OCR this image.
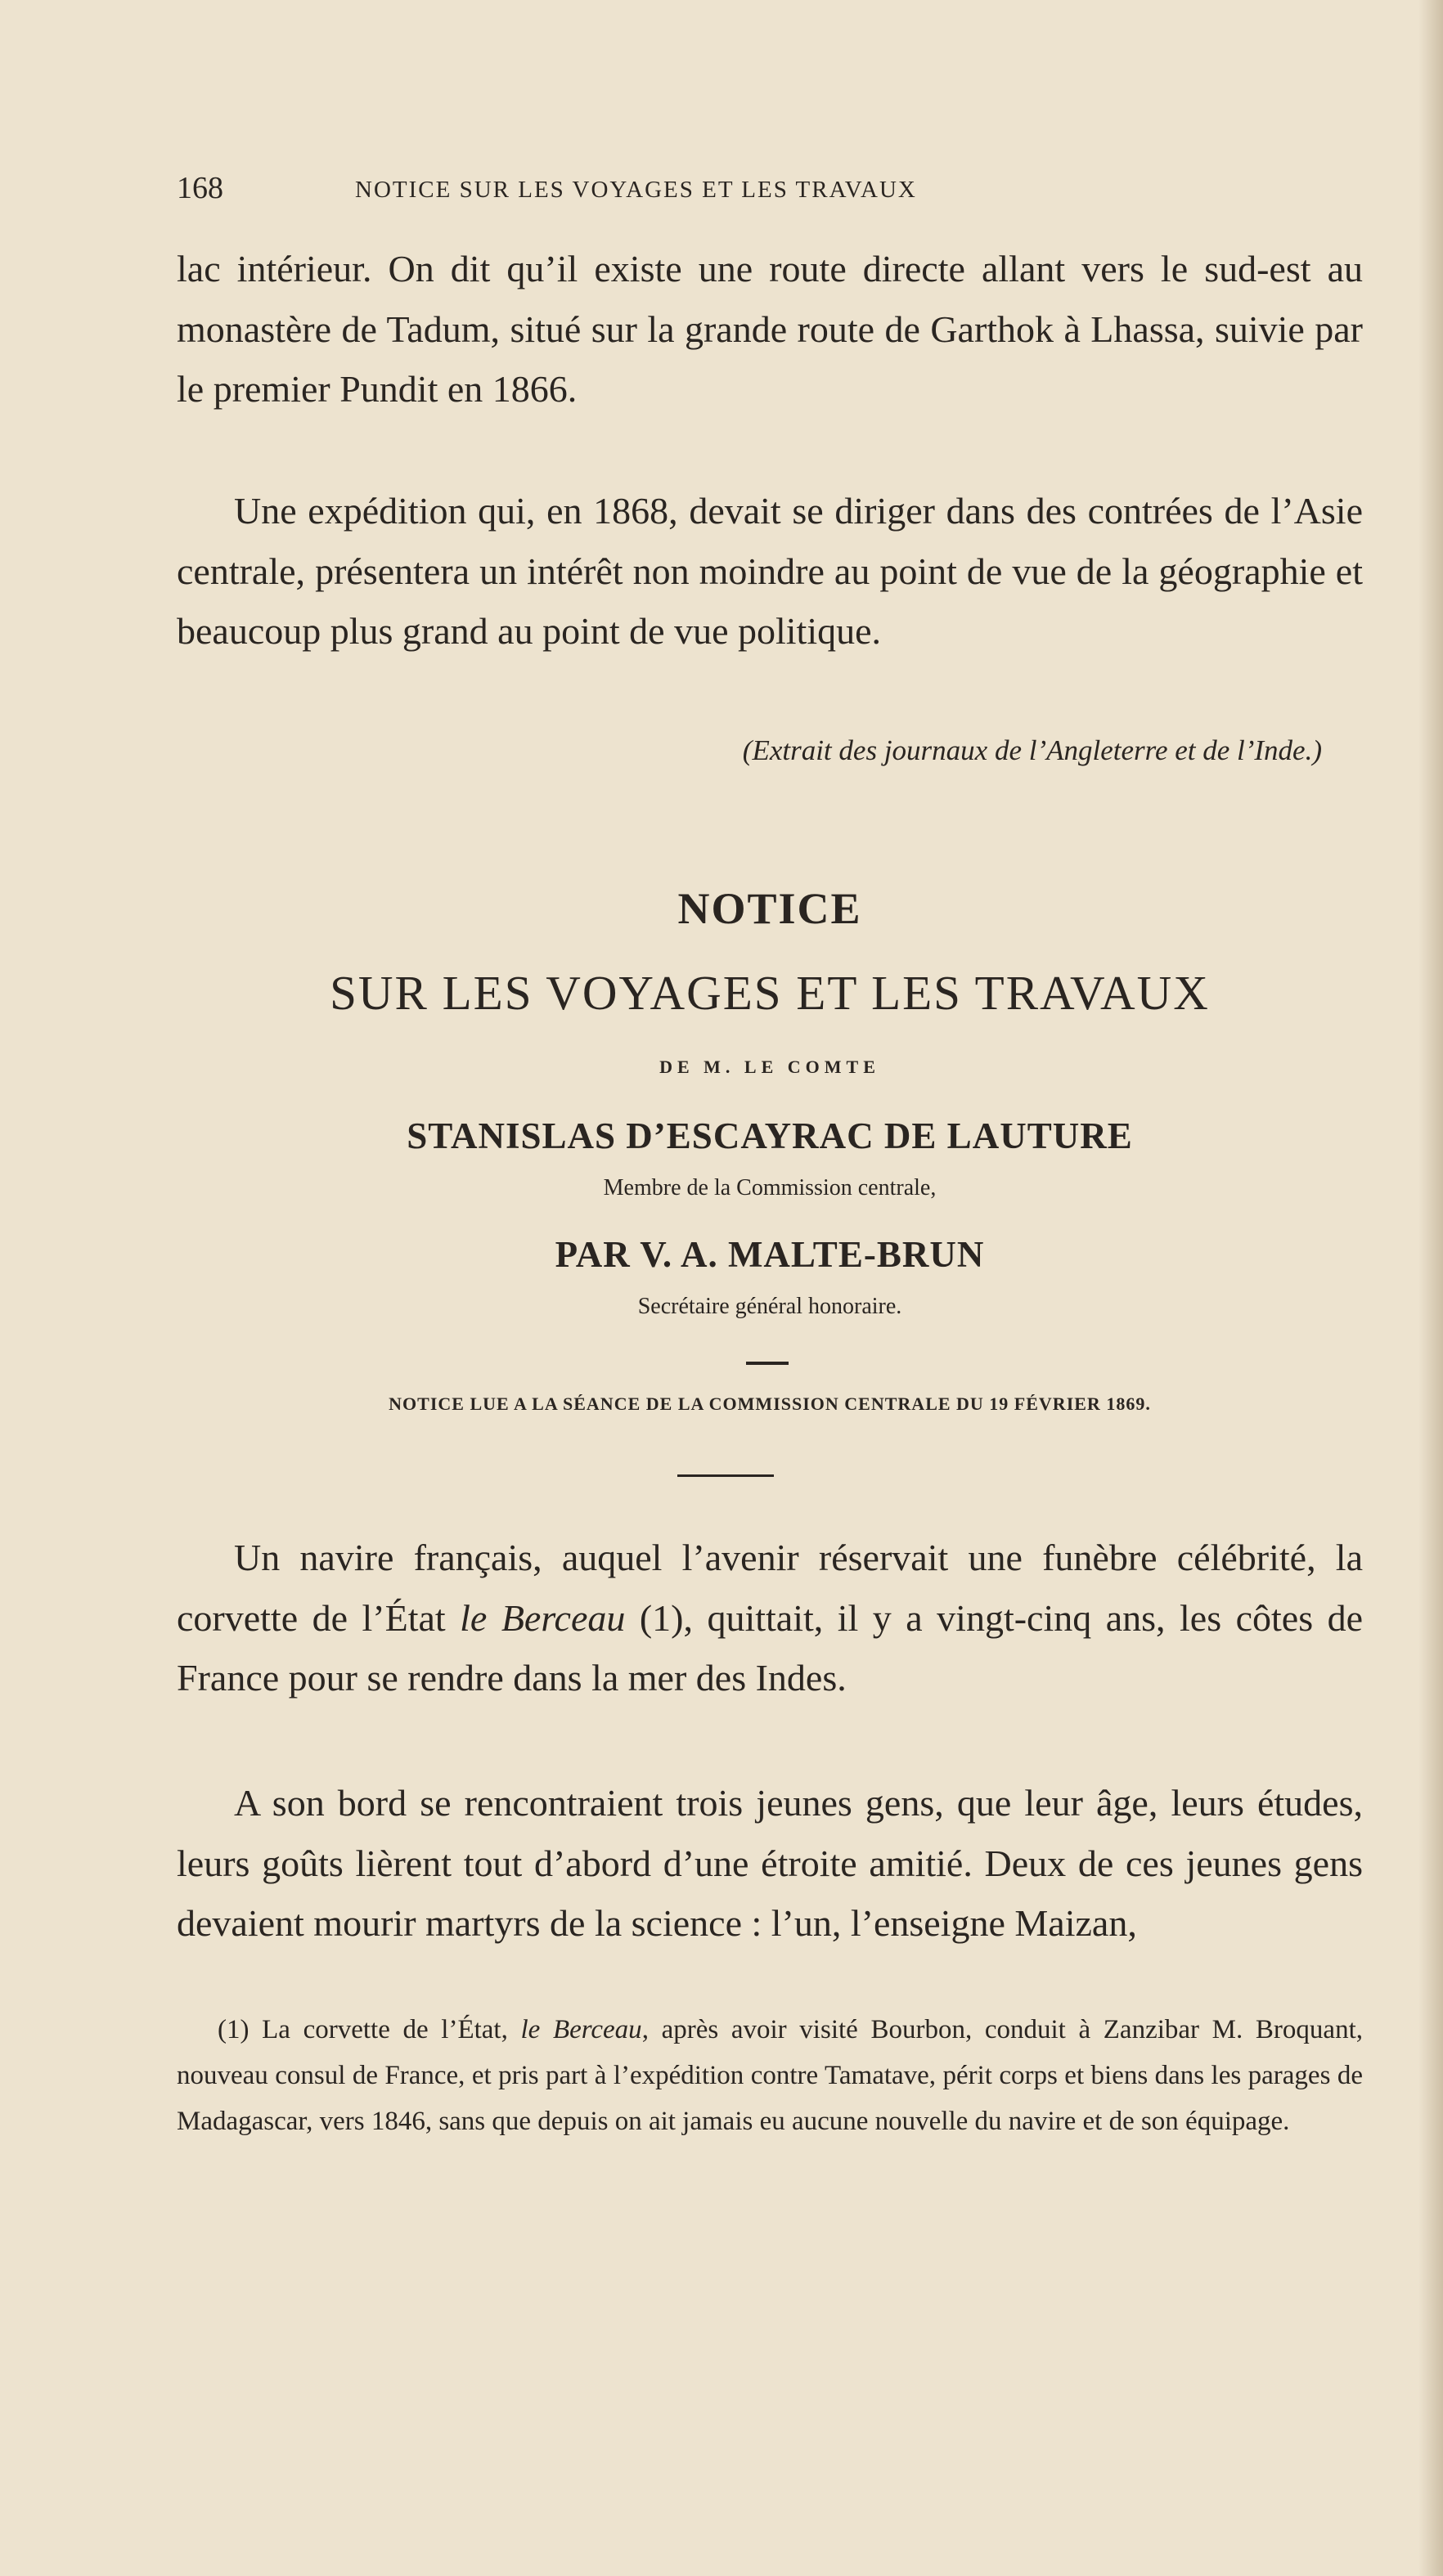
168	NOTICE SUR LES VOYAGES ET LES TRAVAUX

lac intérieur. On dit qu’il existe une route directe allant vers le sud-est au monastère de Tadum, situé sur la grande route de Garthok à Lhassa, suivie par le premier Pundit en 1866.

Une expédition qui, en 1868, devait se diriger dans des contrées de l’Asie centrale, présentera un intérêt non moindre au point de vue de la géographie et beaucoup plus grand au point de vue politique.

(Extrait des journaux de l’Angleterre et de l’Inde.)

NOTICE

SUR LES VOYAGES ET LES TRAVAUX

DE M. LE COMTE

STANISLAS D’ESCAYRAC DE LAUTURE

Membre de la Commission centrale,

PAR V. A. MALTE-BRUN

Secrétaire général honoraire.

NOTICE LUE A LA SÉANCE DE LA COMMISSION CENTRALE DU 19 FÉVRIER 1869.

Un navire français, auquel l’avenir réservait une funèbre célébrité, la corvette de l’État le Berceau (1), quittait, il y a vingt-cinq ans, les côtes de France pour se rendre dans la mer des Indes.

A son bord se rencontraient trois jeunes gens, que leur âge, leurs études, leurs goûts lièrent tout d’abord d’une étroite amitié. Deux de ces jeunes gens devaient mourir martyrs de la science : l’un, l’enseigne Maizan,

(1) La corvette de l’État, le Berceau, après avoir visité Bourbon, conduit à Zanzibar M. Broquant, nouveau consul de France, et pris part à l’expédition contre Tamatave, périt corps et biens dans les parages de Madagascar, vers 1846, sans que depuis on ait jamais eu aucune nouvelle du navire et de son équipage.
